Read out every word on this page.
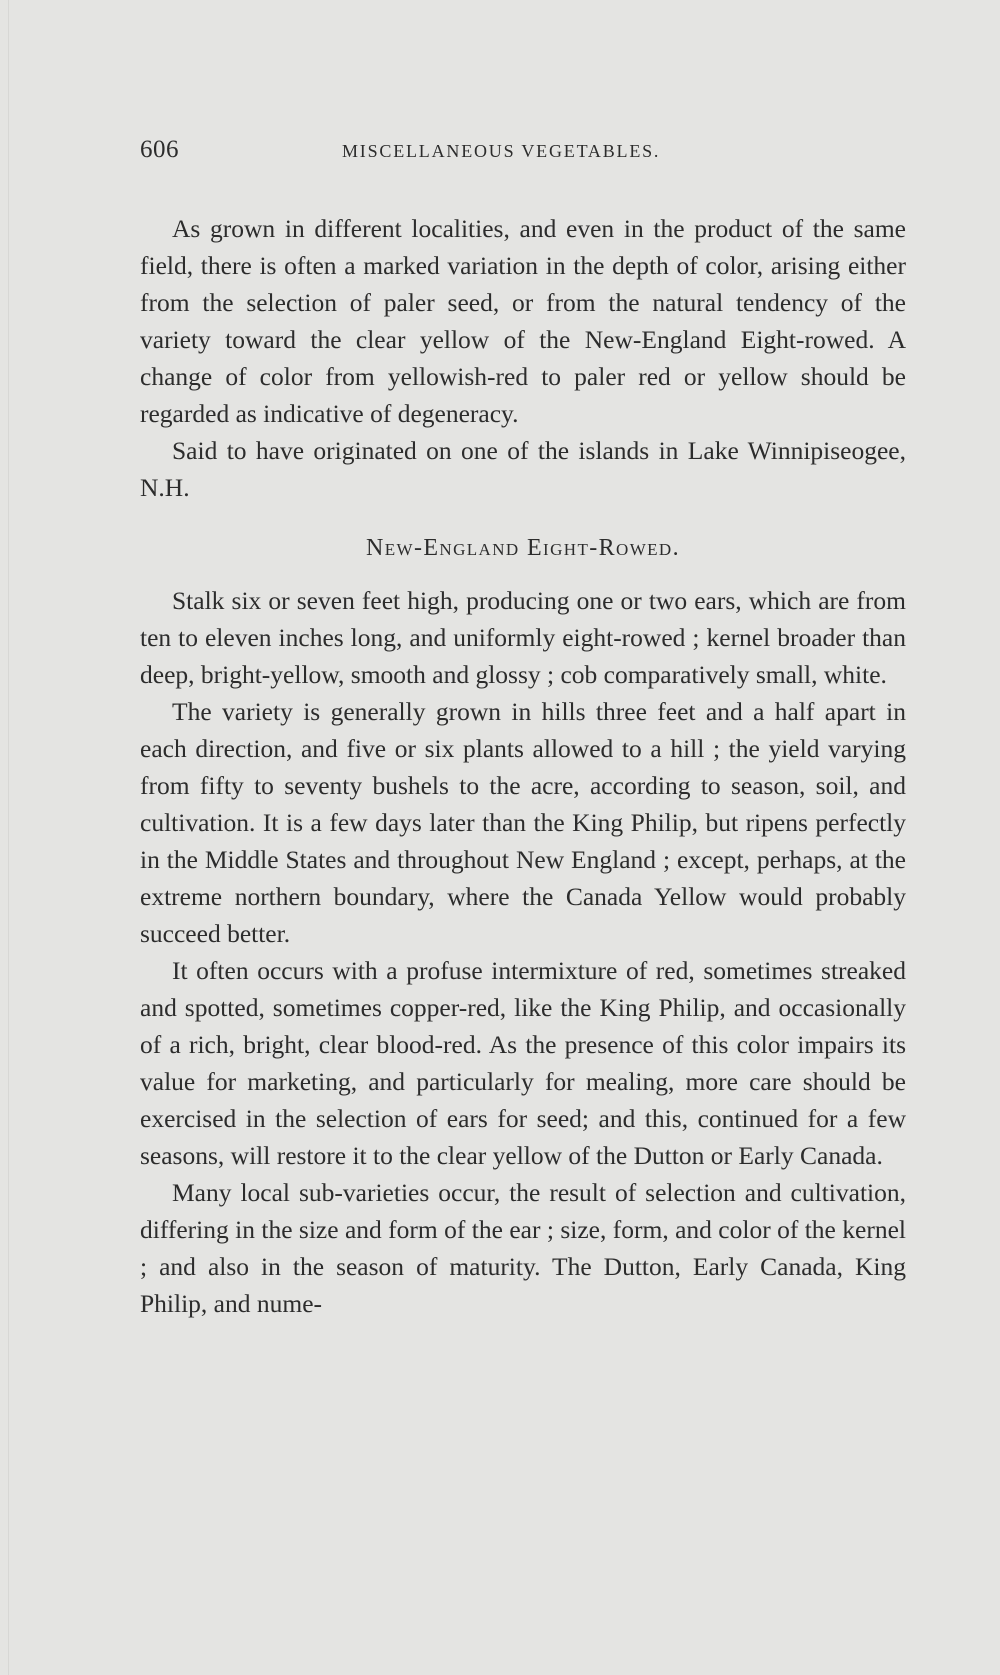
606	MISCELLANEOUS VEGETABLES.

As grown in different localities, and even in the product of the same field, there is often a marked variation in the depth of color, arising either from the selection of paler seed, or from the natural tendency of the variety toward the clear yellow of the New-England Eight-rowed. A change of color from yellowish-red to paler red or yellow should be regarded as indicative of degeneracy.

Said to have originated on one of the islands in Lake Winnipiseogee, N.H.

New-England Eight-Rowed.

Stalk six or seven feet high, producing one or two ears, which are from ten to eleven inches long, and uniformly eight-rowed ; kernel broader than deep, bright-yellow, smooth and glossy ; cob comparatively small, white.

The variety is generally grown in hills three feet and a half apart in each direction, and five or six plants allowed to a hill ; the yield varying from fifty to seventy bushels to the acre, according to season, soil, and cultivation. It is a few days later than the King Philip, but ripens perfectly in the Middle States and throughout New England ; except, perhaps, at the extreme northern boundary, where the Canada Yellow would probably succeed better.

It often occurs with a profuse intermixture of red, sometimes streaked and spotted, sometimes copper-red, like the King Philip, and occasionally of a rich, bright, clear blood-red. As the presence of this color impairs its value for marketing, and particularly for mealing, more care should be exercised in the selection of ears for seed; and this, continued for a few seasons, will restore it to the clear yellow of the Dutton or Early Canada.

Many local sub-varieties occur, the result of selection and cultivation, differing in the size and form of the ear ; size, form, and color of the kernel ; and also in the season of maturity. The Dutton, Early Canada, King Philip, and nume-
